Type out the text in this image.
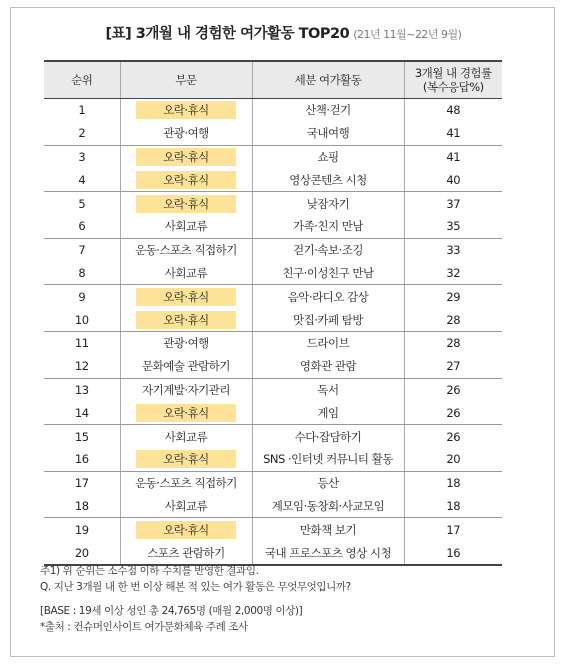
[표] 3개월 내 경험한 여가활동 TOP20 (21년 11월~22년 9월)
순위	부문	세분 여가활동	3개월 내 경험률
(복수응답%)
1	오락·휴식	산책·걷기	48
2	관광·여행	국내여행	41
3	오락·휴식	쇼핑	41
4	오락·휴식	영상콘텐츠 시청	40
5	오락·휴식	낮잠자기	37
6	사회교류	가족·친지 만남	35
7	운동·스포츠 직접하기	걷기·속보·조깅	33
8	사회교류	친구·이성친구 만남	32
9	오락·휴식	음악·라디오 감상	29
10	오락·휴식	맛집·카페 탐방	28
11	관광·여행	드라이브	28
12	문화예술 관람하기	영화관 관람	27
13	자기계발·자기관리	독서	26
14	오락·휴식	게임	26
15	사회교류	수다·잡담하기	26
16	오락·휴식	SNS ·인터넷 커뮤니티 활동	20
17	운동·스포츠 직접하기	등산	18
18	사회교류	계모임·동창회·사교모임	18
19	오락·휴식	만화책 보기	17
20	스포츠 관람하기	국내 프로스포츠 영상 시청	16
주1) 위 순위는 소수점 이하 수치를 반영한 결과임.
Q. 지난 3개월 내 한 번 이상 해본 적 있는 여가 활동은 무엇무엇입니까?
[BASE : 19세 이상 성인 총 24,765명 (매월 2,000명 이상)]
*출처 : 컨슈머인사이트 여가문화체육 주례 조사
